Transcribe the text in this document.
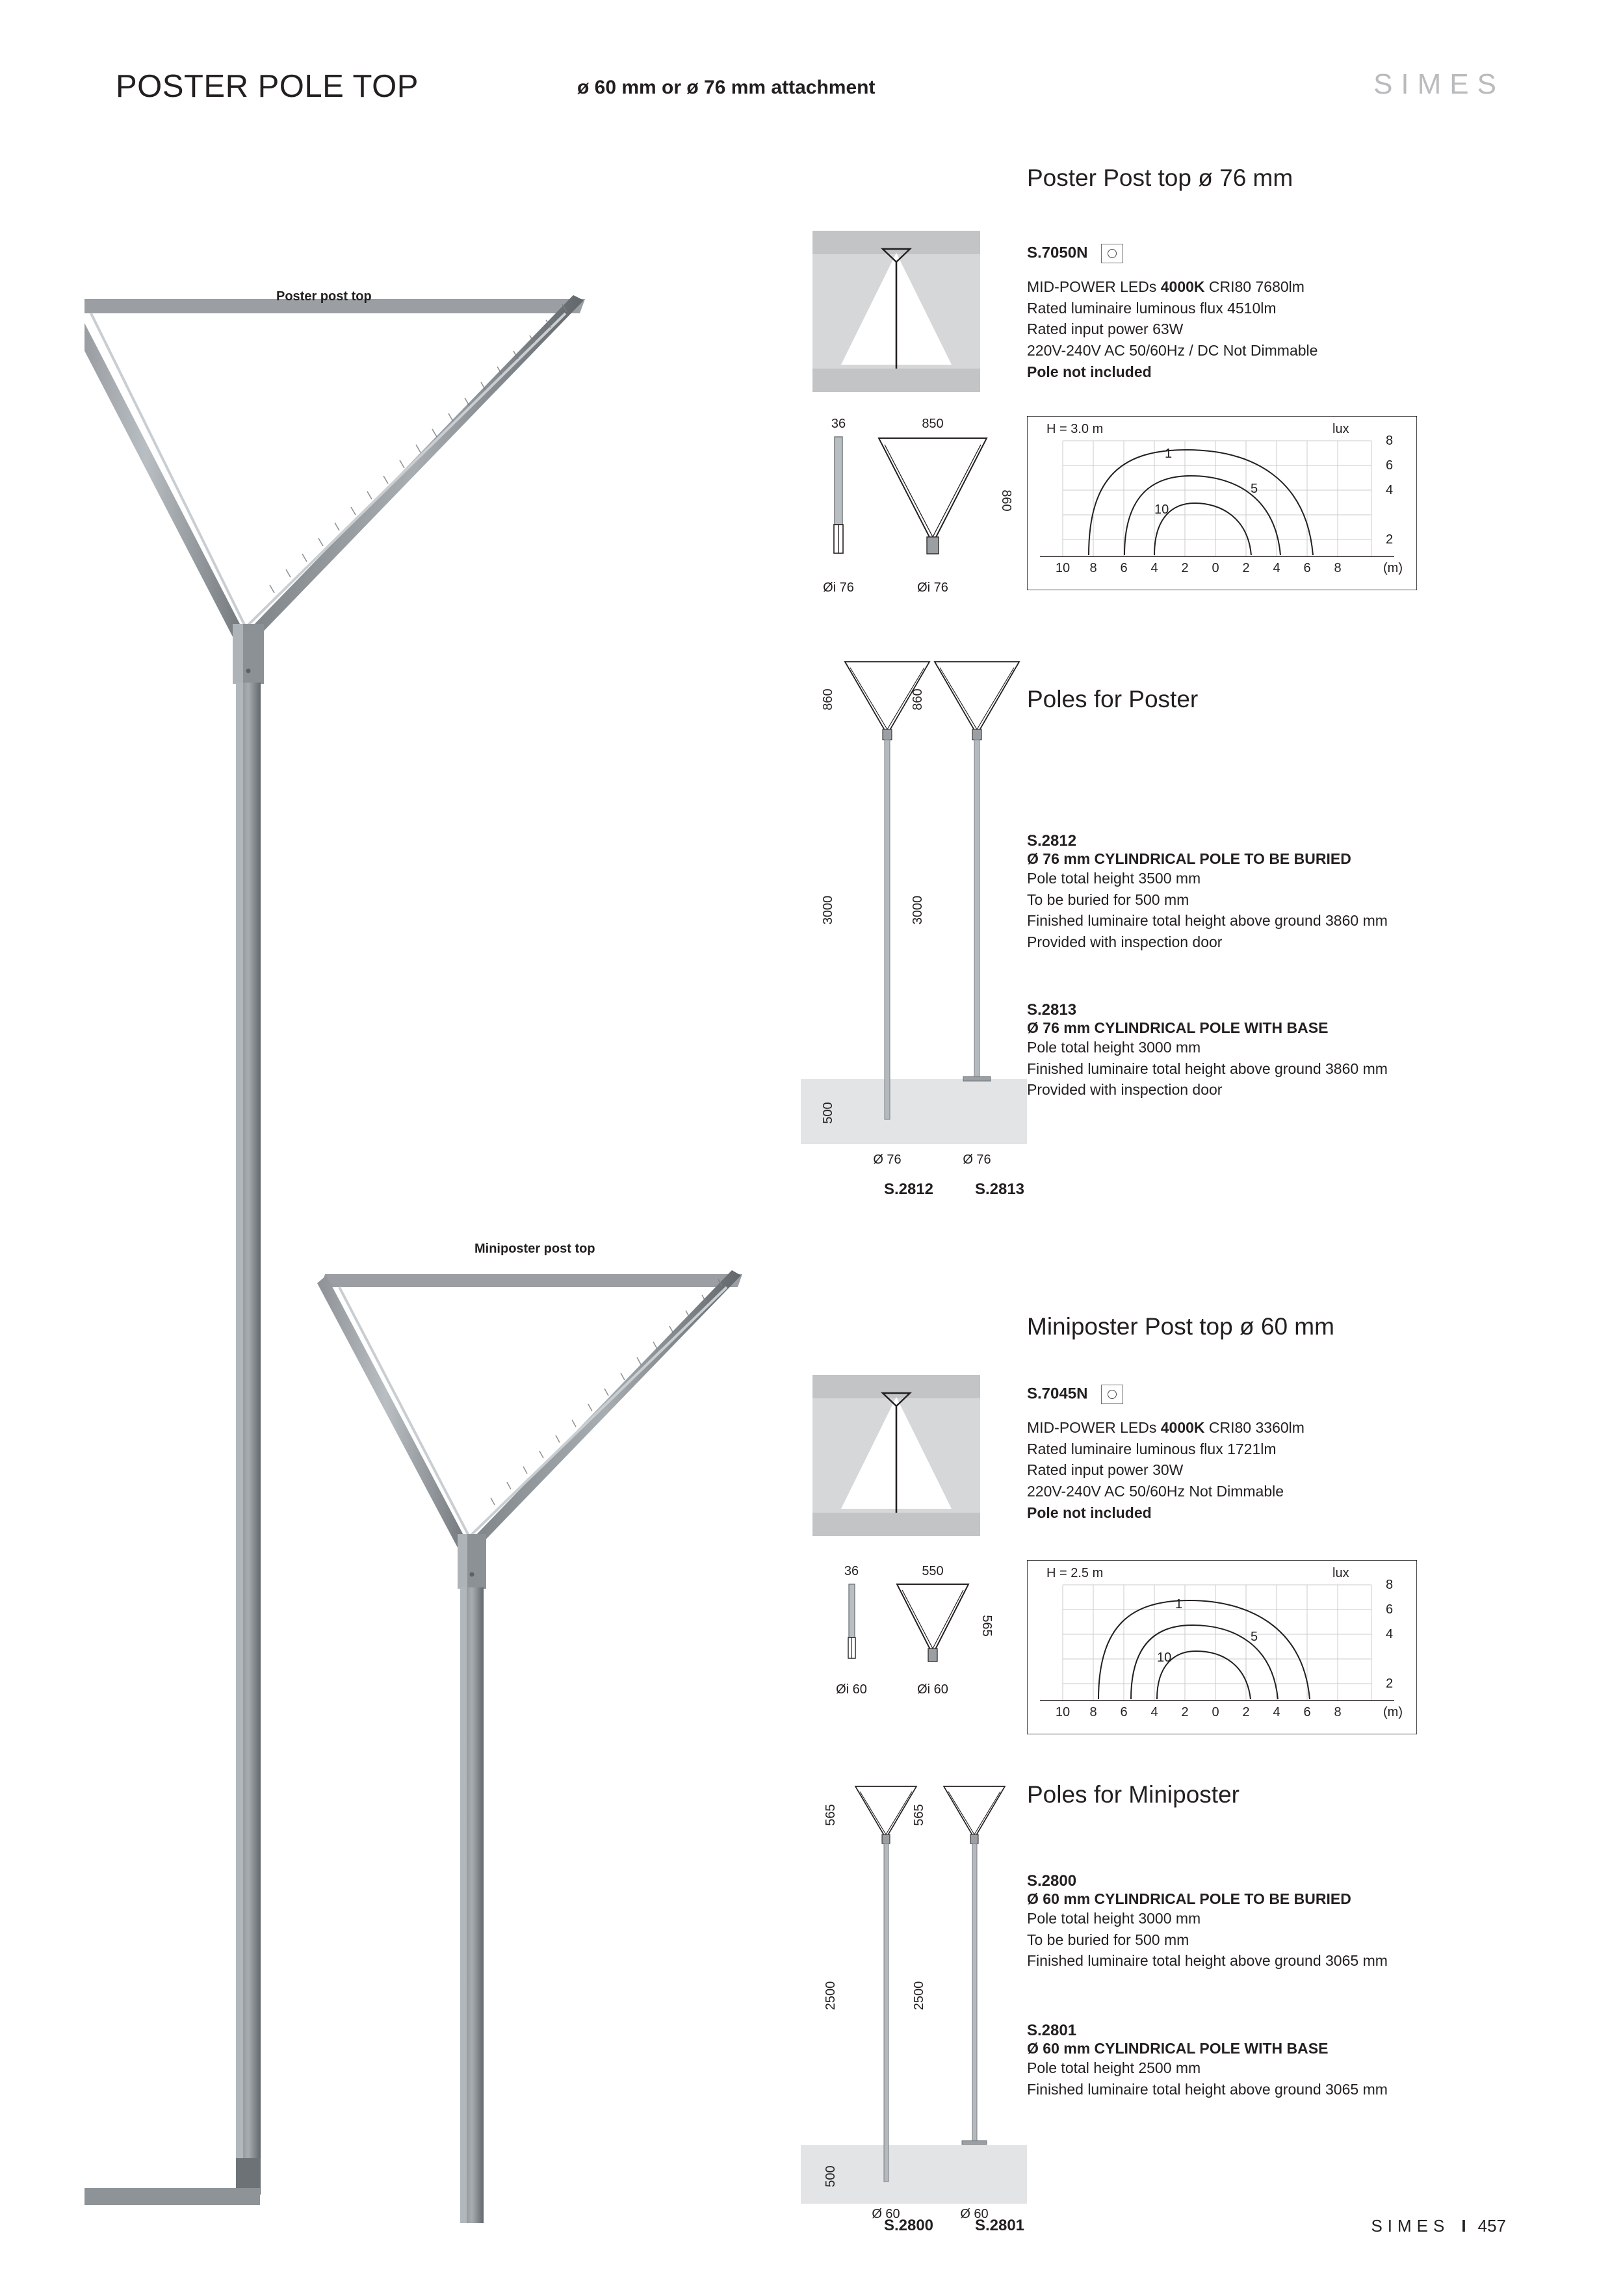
POSTER POLE TOP	ø 60 mm or ø 76 mm attachment	SIMES
Poster post top
Miniposter post top
Poster Post top ø 76 mm
S.7050N
MID-POWER LEDs 4000K CRI80 7680lm
Rated luminaire luminous flux 4510lm
Rated input power 63W
220V-240V AC 50/60Hz / DC Not Dimmable
Pole not included
36
Øi 76
850
860
Øi 76
H = 3.0 m	lux
1
5
10
8
6
4
2
10 8 6 4 2 0 2 4 6 8	(m)
Poles for Poster
860
3000
500
Ø 76
860
3000
Ø 76
S.2812	S.2813
S.2812
Ø 76 mm CYLINDRICAL POLE TO BE BURIED
Pole total height 3500 mm
To be buried for 500 mm
Finished luminaire total height above ground 3860 mm
Provided with inspection door
S.2813
Ø 76 mm CYLINDRICAL POLE WITH BASE
Pole total height 3000 mm
Finished luminaire total height above ground 3860 mm
Provided with inspection door
Miniposter Post top ø 60 mm
S.7045N
MID-POWER LEDs 4000K CRI80 3360lm
Rated luminaire luminous flux 1721lm
Rated input power 30W
220V-240V AC 50/60Hz Not Dimmable
Pole not included
36
Øi 60
550
565
Øi 60
H = 2.5 m	lux
1
5
10
8
6
4
2
10 8 6 4 2 0 2 4 6 8	(m)
Poles for Miniposter
565
2500
500
Ø 60
565
2500
Ø 60
S.2800	S.2801
S.2800
Ø 60 mm CYLINDRICAL POLE TO BE BURIED
Pole total height 3000 mm
To be buried for 500 mm
Finished luminaire total height above ground 3065 mm
S.2801
Ø 60 mm CYLINDRICAL POLE WITH BASE
Pole total height 2500 mm
Finished luminaire total height above ground 3065 mm
SIMES I 457
